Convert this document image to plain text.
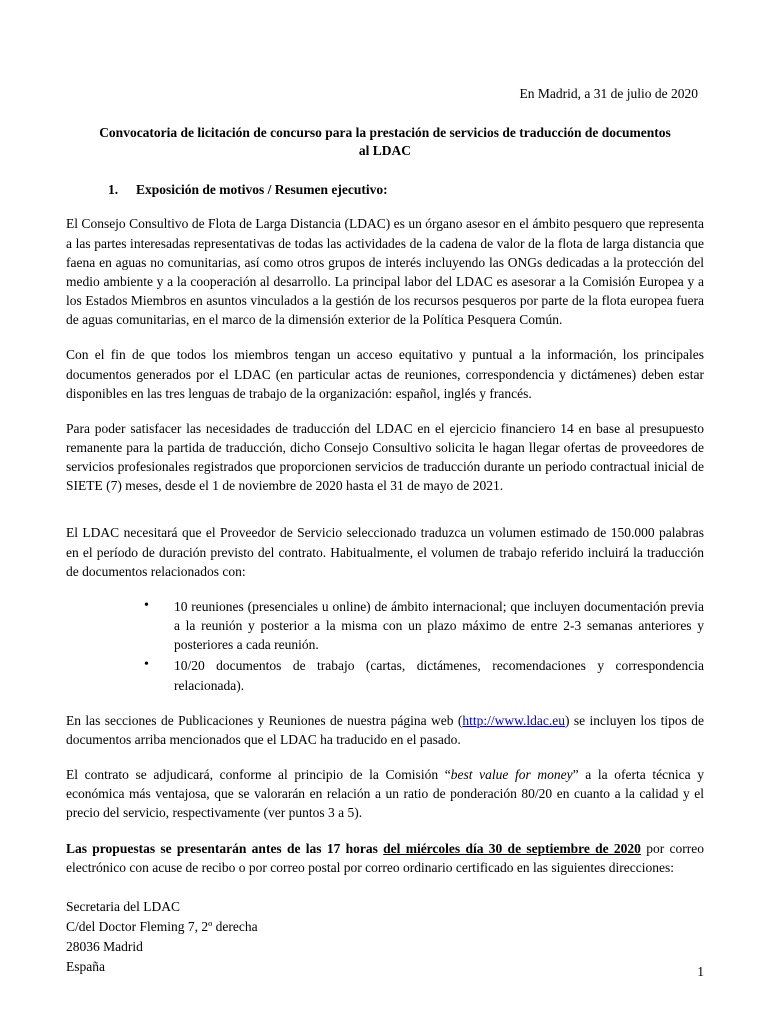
En Madrid, a 31 de julio de 2020
Convocatoria de licitación de concurso para la prestación de servicios de traducción de documentos al LDAC
1. Exposición de motivos / Resumen ejecutivo:

El Consejo Consultivo de Flota de Larga Distancia (LDAC) es un órgano asesor en el ámbito pesquero que representa a las partes interesadas representativas de todas las actividades de la cadena de valor de la flota de larga distancia que faena en aguas no comunitarias, así como otros grupos de interés incluyendo las ONGs dedicadas a la protección del medio ambiente y a la cooperación al desarrollo. La principal labor del LDAC es asesorar a la Comisión Europea y a los Estados Miembros en asuntos vinculados a la gestión de los recursos pesqueros por parte de la flota europea fuera de aguas comunitarias, en el marco de la dimensión exterior de la Política Pesquera Común.

Con el fin de que todos los miembros tengan un acceso equitativo y puntual a la información, los principales documentos generados por el LDAC (en particular actas de reuniones, correspondencia y dictámenes) deben estar disponibles en las tres lenguas de trabajo de la organización: español, inglés y francés.

Para poder satisfacer las necesidades de traducción del LDAC en el ejercicio financiero 14 en base al presupuesto remanente para la partida de traducción, dicho Consejo Consultivo solicita le hagan llegar ofertas de proveedores de servicios profesionales registrados que proporcionen servicios de traducción durante un periodo contractual inicial de SIETE (7) meses, desde el 1 de noviembre de 2020 hasta el 31 de mayo de 2021.

El LDAC necesitará que el Proveedor de Servicio seleccionado traduzca un volumen estimado de 150.000 palabras en el período de duración previsto del contrato. Habitualmente, el volumen de trabajo referido incluirá la traducción de documentos relacionados con:

• 10 reuniones (presenciales u online) de ámbito internacional; que incluyen documentación previa a la reunión y posterior a la misma con un plazo máximo de entre 2-3 semanas anteriores y posteriores a cada reunión.
• 10/20 documentos de trabajo (cartas, dictámenes, recomendaciones y correspondencia relacionada).

En las secciones de Publicaciones y Reuniones de nuestra página web (http://www.ldac.eu) se incluyen los tipos de documentos arriba mencionados que el LDAC ha traducido en el pasado.

El contrato se adjudicará, conforme al principio de la Comisión “best value for money” a la oferta técnica y económica más ventajosa, que se valorarán en relación a un ratio de ponderación 80/20 en cuanto a la calidad y el precio del servicio, respectivamente (ver puntos 3 a 5).

Las propuestas se presentarán antes de las 17 horas del miércoles día 30 de septiembre de 2020 por correo electrónico con acuse de recibo o por correo postal por correo ordinario certificado en las siguientes direcciones:

Secretaria del LDAC
C/del Doctor Fleming 7, 2º derecha
28036 Madrid
España	1
